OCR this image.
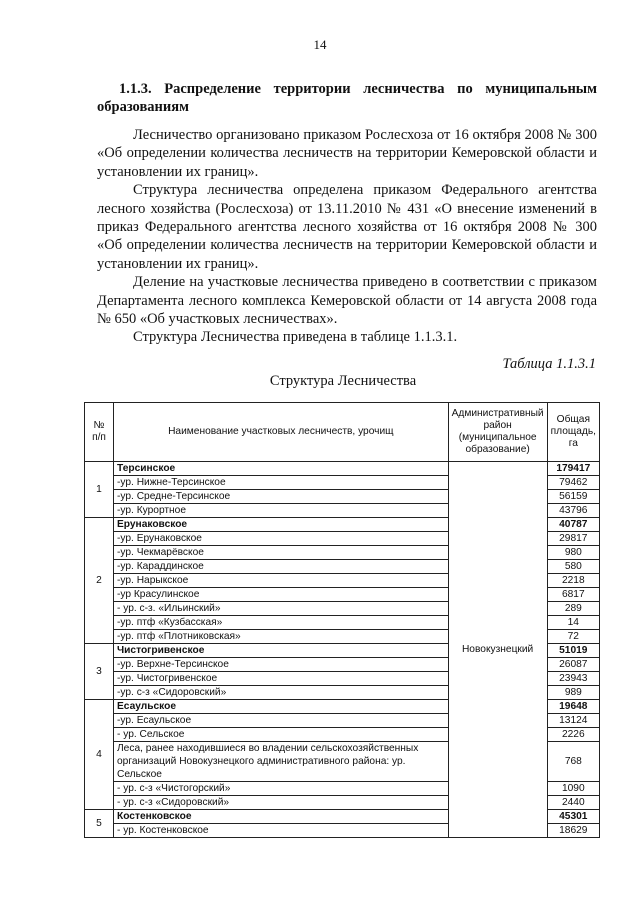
14
1.1.3. Распределение территории лесничества по муниципальным образованиям

Лесничество организовано приказом Рослесхоза от 16 октября 2008 № 300 «Об определении количества лесничеств на территории Кемеровской области и установлении их границ».

Структура лесничества определена приказом Федерального агентства лесного хозяйства (Рослесхоза) от 13.11.2010 № 431 «О внесение изменений в приказ Федерального агентства лесного хозяйства от 16 октября 2008 № 300 «Об определении количества лесничеств на территории Кемеровской области и установлении их границ».

Деление на участковые лесничества приведено в соответствии с приказом Департамента лесного комплекса Кемеровской области от 14 августа 2008 года № 650 «Об участковых лесничествах».

Структура Лесничества приведена в таблице 1.1.3.1.

Таблица 1.1.3.1
Структура Лесничества
№ п/п	Наименование участковых лесничеств, урочищ	Административный район (муниципальное образование)	Общая площадь, га
1	Терсинское	Новокузнецкий	179417
	-ур. Нижне-Терсинское		79462
	-ур. Средне-Терсинское		56159
	-ур. Курортное		43796
2	Ерунаковское		40787
	-ур. Ерунаковское		29817
	-ур. Чекмарёвское		980
	-ур. Караддинское		580
	-ур. Нарыкское		2218
	-ур Красулинское		6817
	- ур. с-з. «Ильинский»		289
	-ур. птф «Кузбасская»		14
	-ур. птф «Плотниковская»		72
3	Чистогривенское		51019
	-ур. Верхне-Терсинское		26087
	-ур. Чистогривенское		23943
	-ур. с-з «Сидоровский»		989
4	Есаульское		19648
	-ур. Есаульское		13124
	- ур. Сельское		2226
	Леса, ранее находившиеся во владении сельскохозяйственных организаций Новокузнецкого административного района: ур. Сельское		768
	- ур. с-з «Чистогорский»		1090
	- ур. с-з «Сидоровский»		2440
5	Костенковское		45301
	- ур. Костенковское		18629
